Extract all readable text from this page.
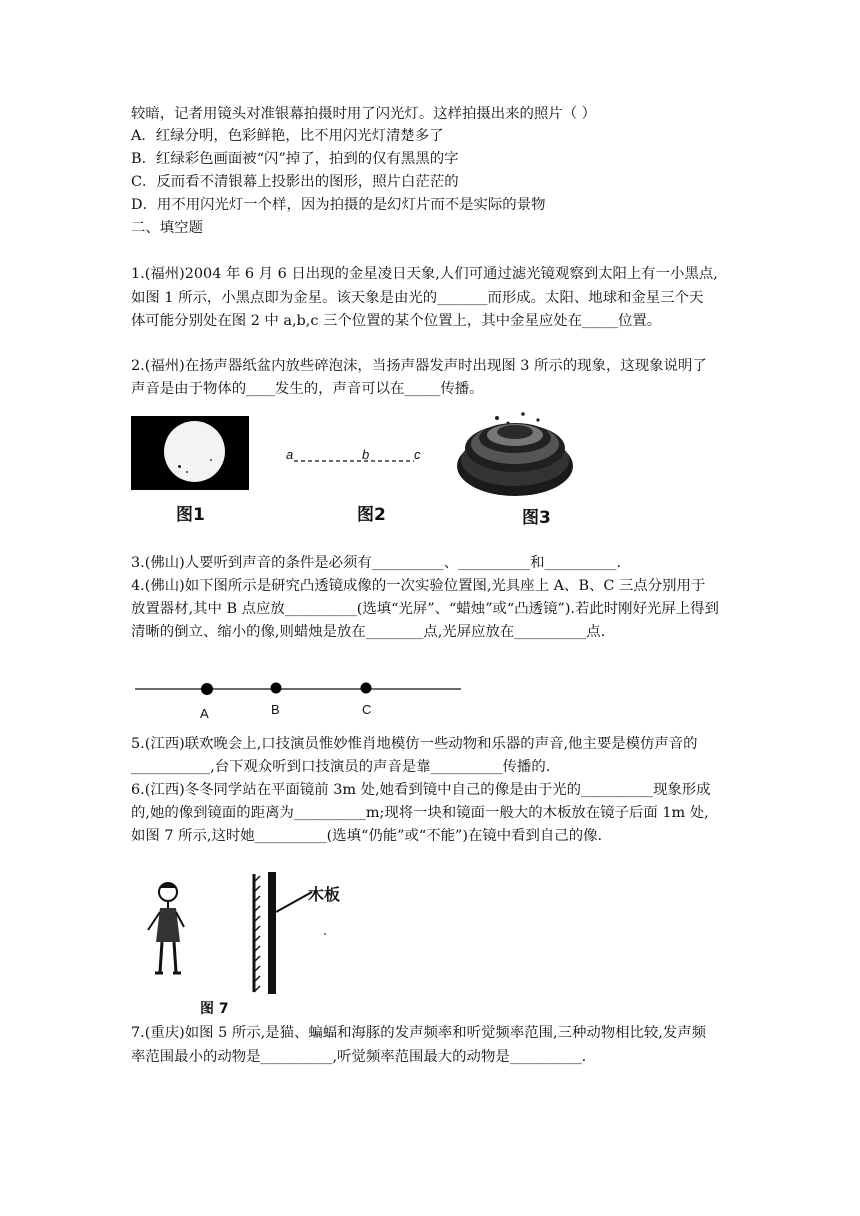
较暗，记者用镜头对准银幕拍摄时用了闪光灯。这样拍摄出来的照片（ ）
A．红绿分明，色彩鲜艳，比不用闪光灯清楚多了
B．红绿彩色画面被“闪”掉了，拍到的仅有黑黑的字
C．反而看不清银幕上投影出的图形，照片白茫茫的
D．用不用闪光灯一个样，因为拍摄的是幻灯片而不是实际的景物
二、填空题
1.(福州)2004 年 6 月 6 日出现的金星凌日天象,人们可通过滤光镜观察到太阳上有一小黑点,
如图 1 所示，小黑点即为金星。该天象是由光的_______而形成。太阳、地球和金星三个天
体可能分别处在图 2 中 a,b,c 三个位置的某个位置上，其中金星应处在_____位置。
2.(福州)在扬声器纸盆内放些碎泡沫，当扬声器发声时出现图 3 所示的现象，这现象说明了
声音是由于物体的____发生的，声音可以在_____传播。
图1
a	b	c
图2	图3
3.(佛山)人要听到声音的条件是必须有__________、__________和__________.
4.(佛山)如下图所示是研究凸透镜成像的一次实验位置图,光具座上 A、B、C 三点分别用于
放置器材,其中 B 点应放__________(选填“光屏”、“蜡烛”或“凸透镜”).若此时刚好光屏上得到
清晰的倒立、缩小的像,则蜡烛是放在________点,光屏应放在__________点.
A	B	C
5.(江西)联欢晚会上,口技演员惟妙惟肖地模仿一些动物和乐器的声音,他主要是模仿声音的
___________,台下观众听到口技演员的声音是靠__________传播的.
6.(江西)冬冬同学站在平面镜前 3m 处,她看到镜中自己的像是由于光的__________现象形成
的,她的像到镜面的距离为__________m;现将一块和镜面一般大的木板放在镜子后面 1m 处,
如图 7 所示,这时她__________(选填“仍能”或“不能”)在镜中看到自己的像.
木板
图 7
7.(重庆)如图 5 所示,是猫、蝙蝠和海豚的发声频率和听觉频率范围,三种动物相比较,发声频
率范围最小的动物是__________,听觉频率范围最大的动物是__________.
